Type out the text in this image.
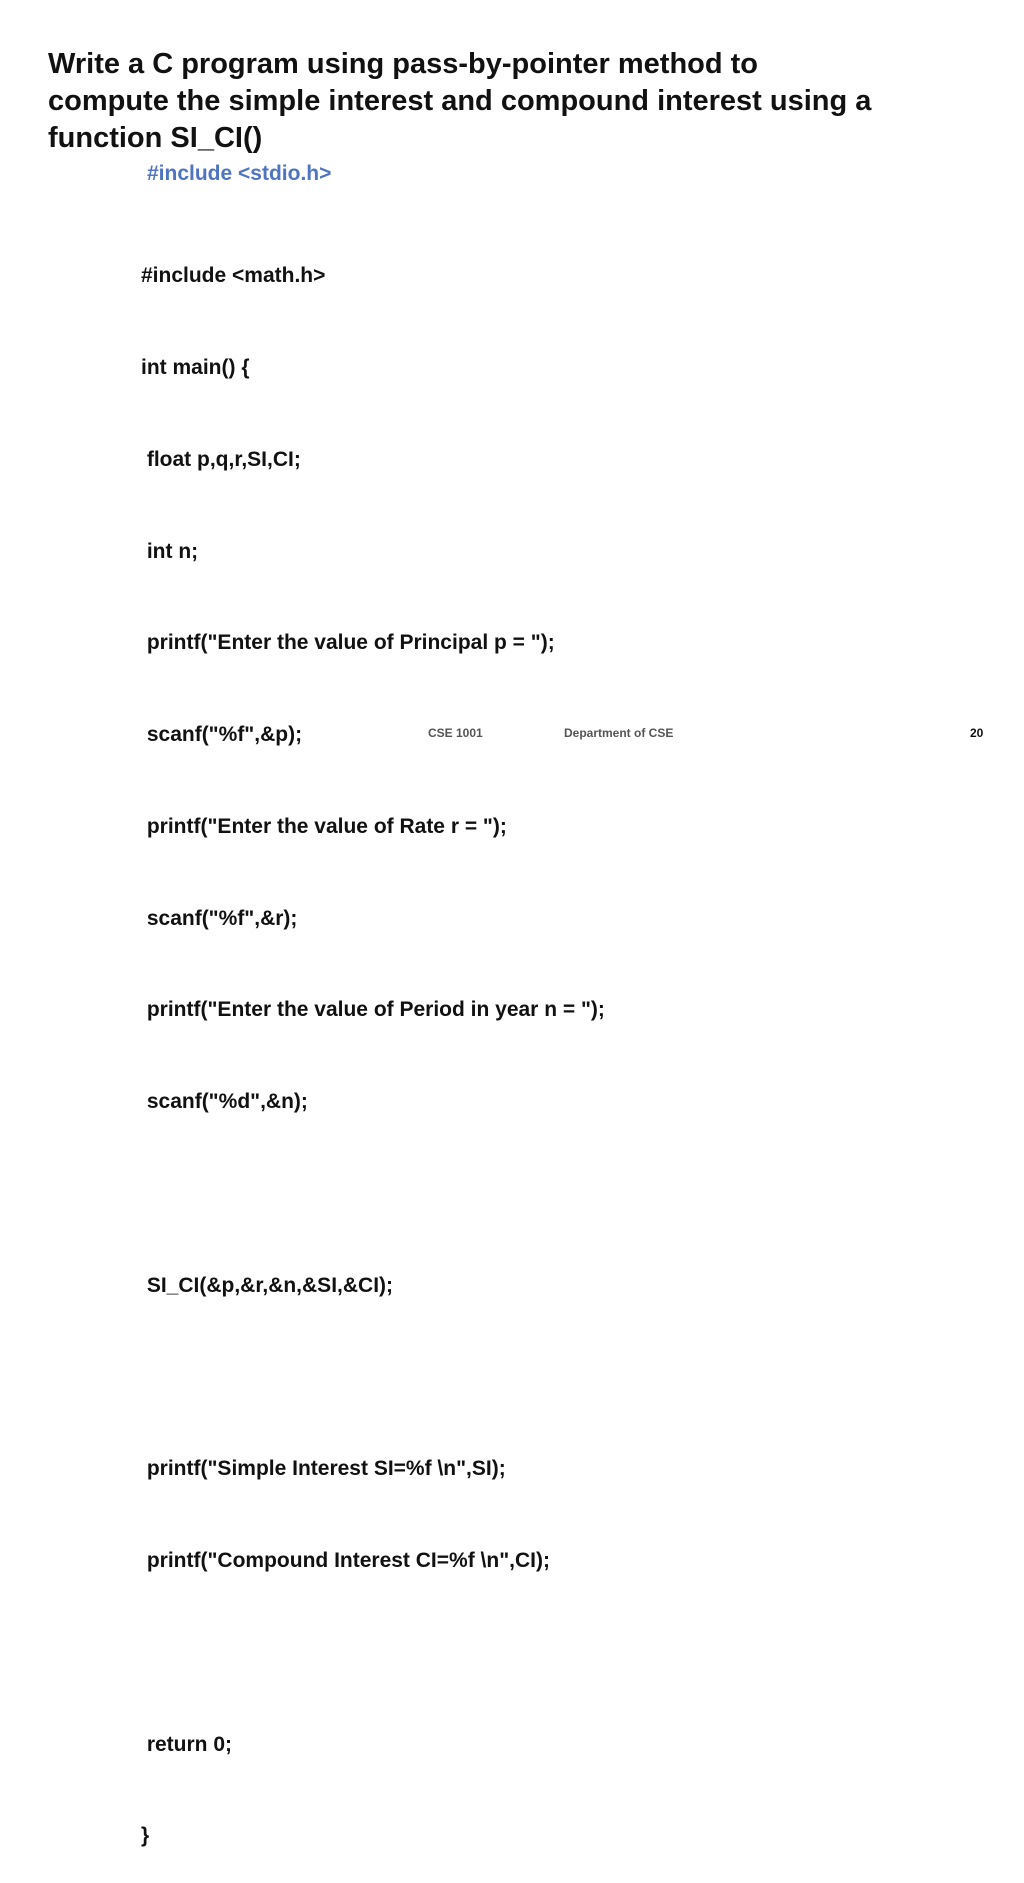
Write a C program using pass-by-pointer method to
compute the simple interest and compound interest using a
function SI_CI()
#include <stdio.h>

#include <math.h>

int main() {

float p,q,r,SI,CI;

int n;

printf("Enter the value of Principal p = ");

scanf("%f",&p);

printf("Enter the value of Rate r = ");

scanf("%f",&r);

printf("Enter the value of Period in year n = ");

scanf("%d",&n);

SI_CI(&p,&r,&n,&SI,&CI);

printf("Simple Interest SI=%f \n",SI);

printf("Compound Interest CI=%f \n",CI);

return 0;

}

CSE 1001	Department of CSE	20
